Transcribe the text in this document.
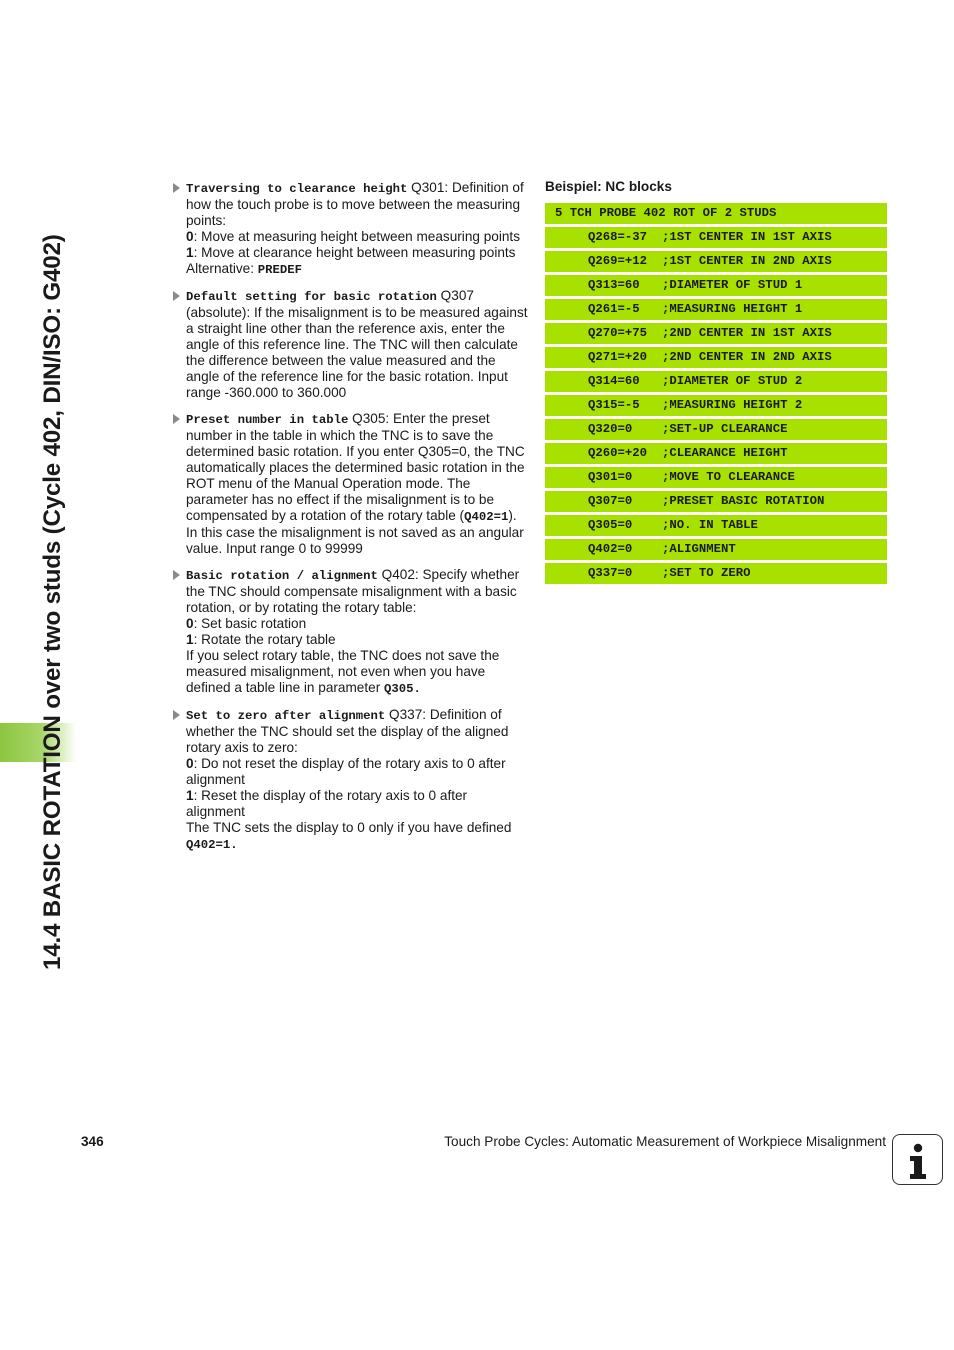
14.4 BASIC ROTATION over two studs (Cycle 402, DIN/ISO: G402)
Traversing to clearance height Q301: Definition of how the touch probe is to move between the measuring points:
0: Move at measuring height between measuring points
1: Move at clearance height between measuring points
Alternative: PREDEF
Default setting for basic rotation Q307 (absolute): If the misalignment is to be measured against a straight line other than the reference axis, enter the angle of this reference line. The TNC will then calculate the difference between the value measured and the angle of the reference line for the basic rotation. Input range -360.000 to 360.000
Preset number in table Q305: Enter the preset number in the table in which the TNC is to save the determined basic rotation. If you enter Q305=0, the TNC automatically places the determined basic rotation in the ROT menu of the Manual Operation mode. The parameter has no effect if the misalignment is to be compensated by a rotation of the rotary table (Q402=1). In this case the misalignment is not saved as an angular value. Input range 0 to 99999
Basic rotation / alignment Q402: Specify whether the TNC should compensate misalignment with a basic rotation, or by rotating the rotary table:
0: Set basic rotation
1: Rotate the rotary table
If you select rotary table, the TNC does not save the measured misalignment, not even when you have defined a table line in parameter Q305.
Set to zero after alignment Q337: Definition of whether the TNC should set the display of the aligned rotary axis to zero:
0: Do not reset the display of the rotary axis to 0 after alignment
1: Reset the display of the rotary axis to 0 after alignment
The TNC sets the display to 0 only if you have defined Q402=1.
Beispiel: NC blocks
5 TCH PROBE 402 ROT OF 2 STUDS
Q268=-37 ;1ST CENTER IN 1ST AXIS
Q269=+12 ;1ST CENTER IN 2ND AXIS
Q313=60 ;DIAMETER OF STUD 1
Q261=-5 ;MEASURING HEIGHT 1
Q270=+75 ;2ND CENTER IN 1ST AXIS
Q271=+20 ;2ND CENTER IN 2ND AXIS
Q314=60 ;DIAMETER OF STUD 2
Q315=-5 ;MEASURING HEIGHT 2
Q320=0 ;SET-UP CLEARANCE
Q260=+20 ;CLEARANCE HEIGHT
Q301=0 ;MOVE TO CLEARANCE
Q307=0 ;PRESET BASIC ROTATION
Q305=0 ;NO. IN TABLE
Q402=0 ;ALIGNMENT
Q337=0 ;SET TO ZERO
346	Touch Probe Cycles: Automatic Measurement of Workpiece Misalignment
